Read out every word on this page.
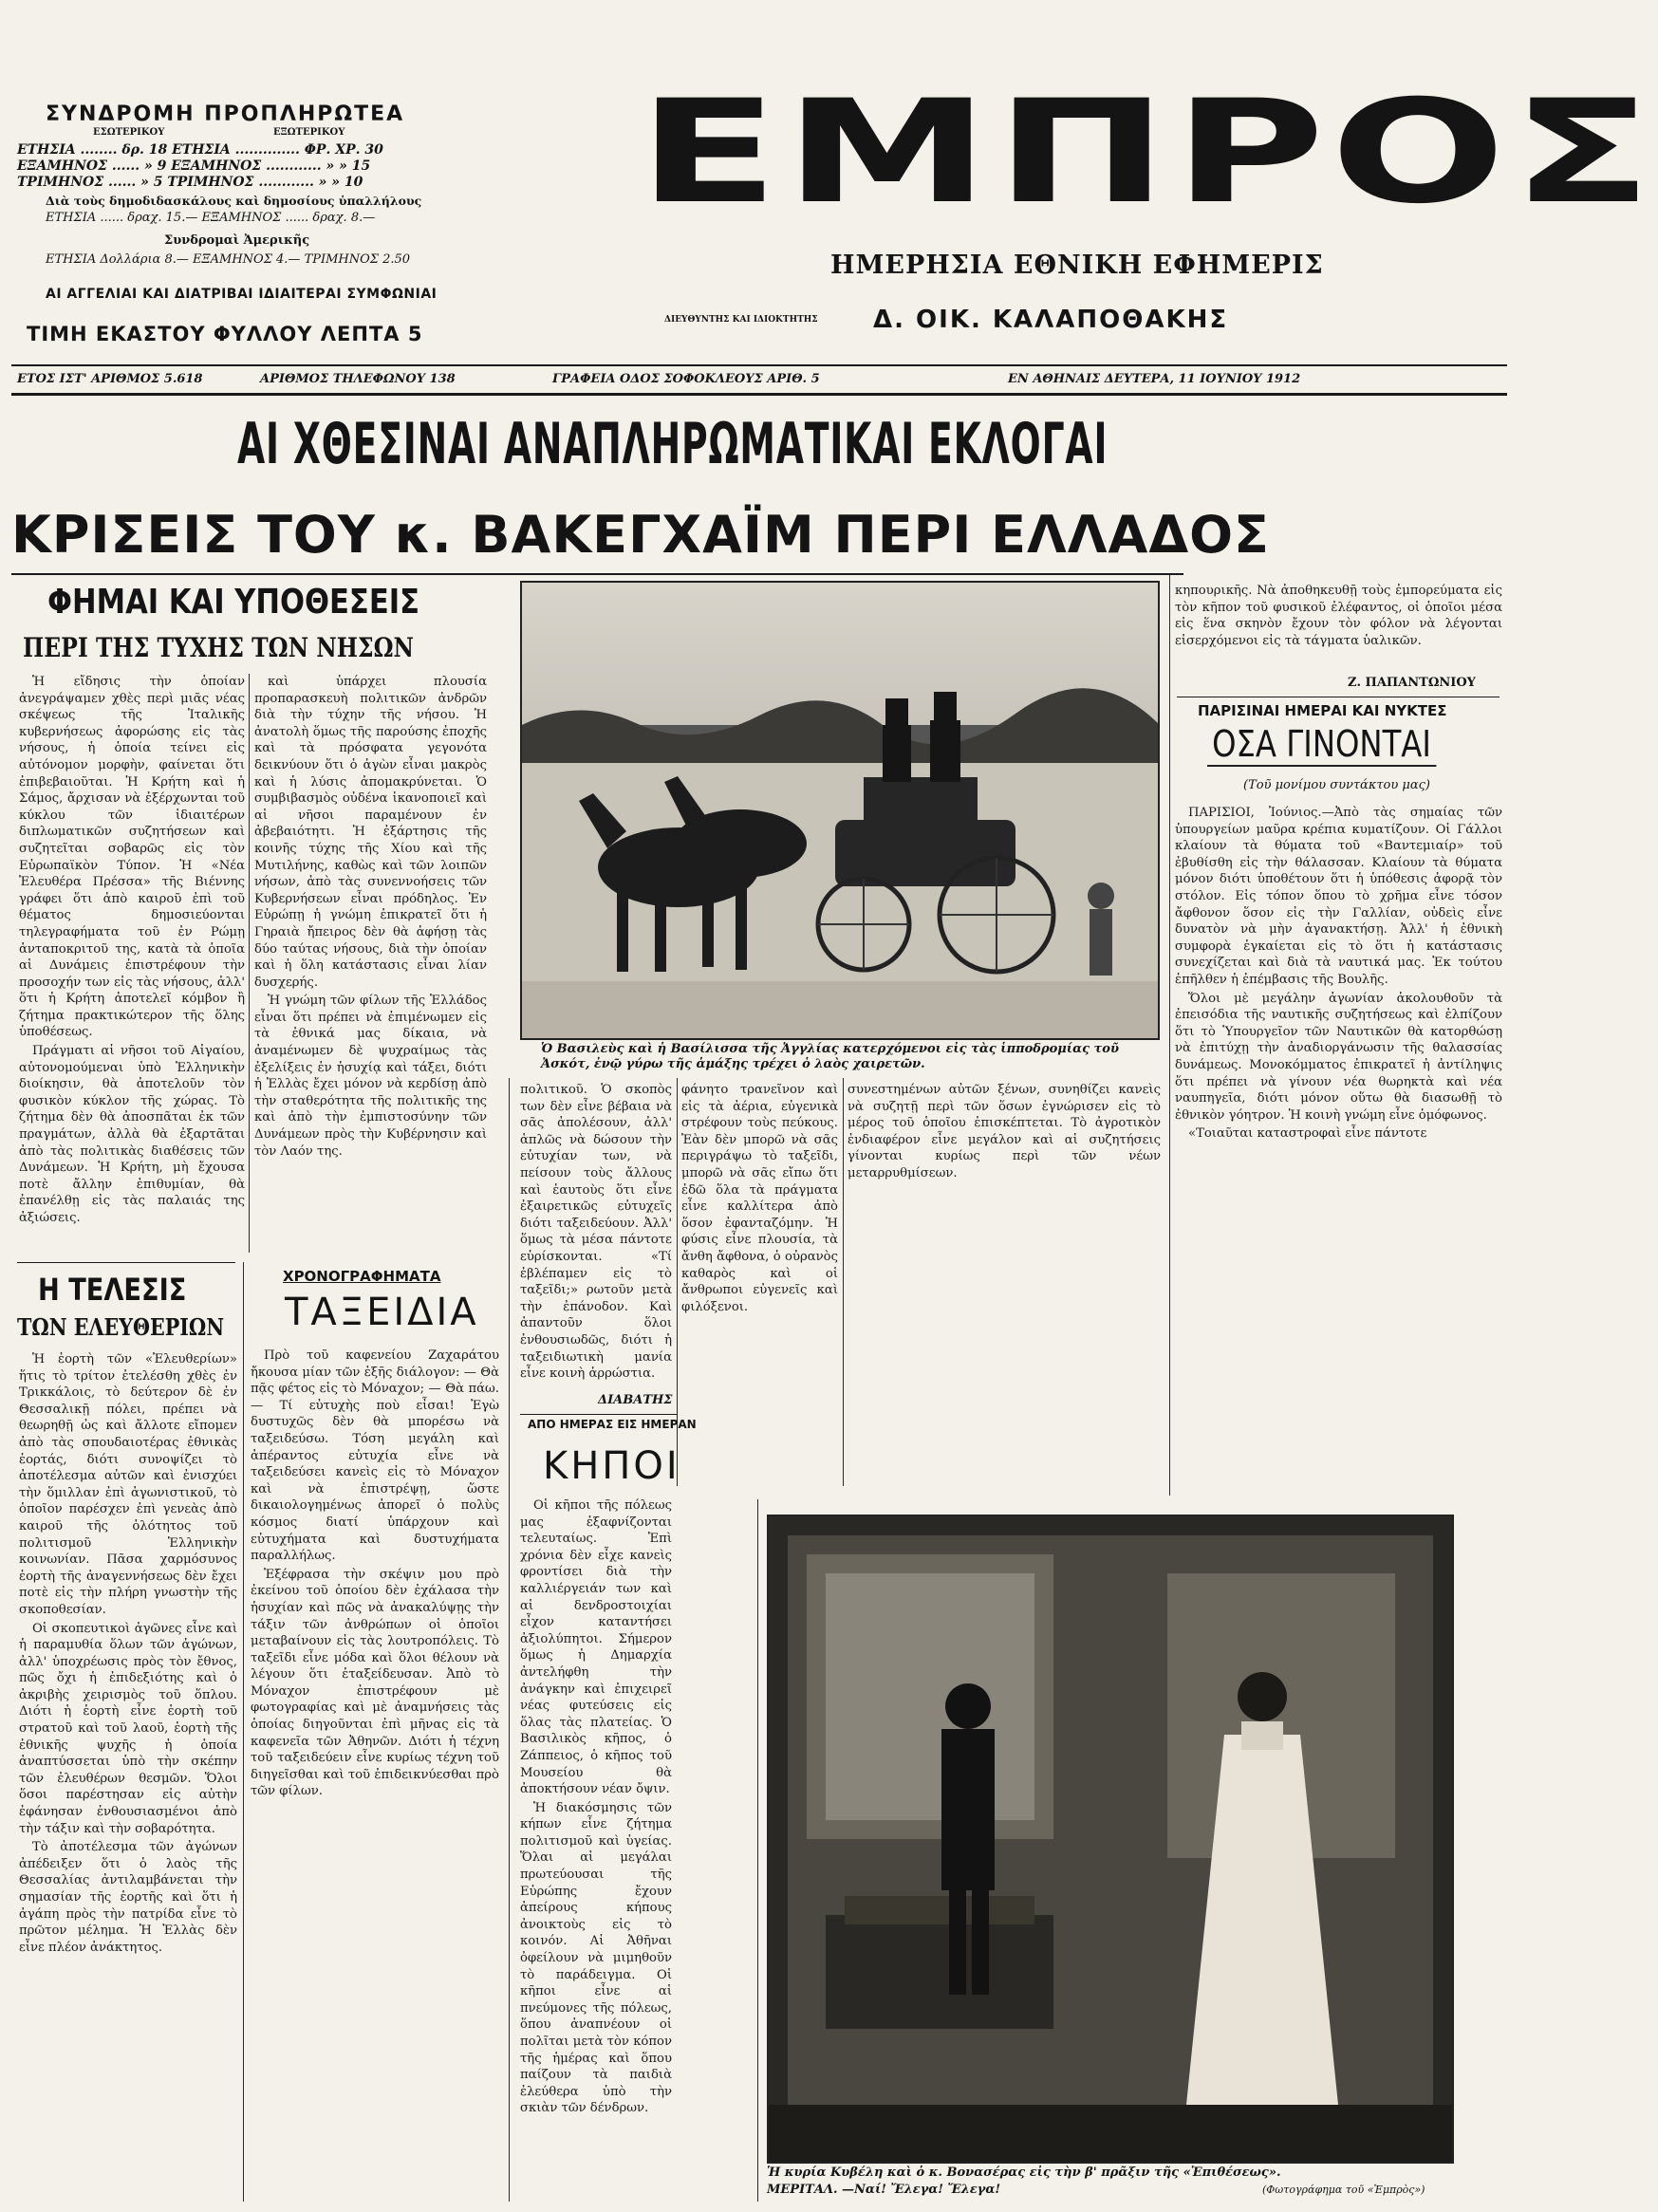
ΣΥΝΔΡΟΜΗ ΠΡΟΠΛΗΡΩΤΕΑ
ΕΣΩΤΕΡΙΚΟΥ	ΕΞΩΤΕΡΙΚΟΥ
ΕΤΗΣΙΑ ........ δρ. 18 ΕΤΗΣΙΑ .............. ΦΡ. ΧΡ. 30
ΕΞΑΜΗΝΟΣ ...... » 9 ΕΞΑΜΗΝΟΣ ............ » » 15
ΤΡΙΜΗΝΟΣ ...... » 5 ΤΡΙΜΗΝΟΣ ............ » » 10
Διὰ τοὺς δημοδιδασκάλους καὶ δημοσίους ὑπαλλήλους
ΕΤΗΣΙΑ ...... δραχ. 15.— ΕΞΑΜΗΝΟΣ ...... δραχ. 8.—
Συνδρομαὶ Ἀμερικῆς
ΕΤΗΣΙΑ Δολλάρια 8.— ΕΞΑΜΗΝΟΣ 4.— ΤΡΙΜΗΝΟΣ 2.50
ΑΙ ΑΓΓΕΛΙΑΙ ΚΑΙ ΔΙΑΤΡΙΒΑΙ ΙΔΙΑΙΤΕΡΑΙ ΣΥΜΦΩΝΙΑΙ
ΤΙΜΗ ΕΚΑΣΤΟΥ ΦΥΛΛΟΥ ΛΕΠΤΑ 5
ΕΜΠΡΟΣ
ΗΜΕΡΗΣΙΑ ΕΘΝΙΚΗ ΕΦΗΜΕΡΙΣ
ΔΙΕΥΘΥΝΤΗΣ ΚΑΙ ΙΔΙΟΚΤΗΤΗΣ Δ. ΟΙΚ. ΚΑΛΑΠΟΘΑΚΗΣ
ΕΤΟΣ ΙΣΤ' ΑΡΙΘΜΟΣ 5.618	ΑΡΙΘΜΟΣ ΤΗΛΕΦΩΝΟΥ 138	ΓΡΑΦΕΙΑ ΟΔΟΣ ΣΟΦΟΚΛΕΟΥΣ ΑΡΙΘ. 5	ΕΝ ΑΘΗΝΑΙΣ ΔΕΥΤΕΡΑ, 11 ΙΟΥΝΙΟΥ 1912
ΑΙ ΧΘΕΣΙΝΑΙ ΑΝΑΠΛΗΡΩΜΑΤΙΚΑΙ ΕΚΛΟΓΑΙ
ΚΡΙΣΕΙΣ ΤΟΥ κ. ΒΑΚΕΓΧΑΪΜ ΠΕΡΙ ΕΛΛΑΔΟΣ
ΦΗΜΑΙ ΚΑΙ ΥΠΟΘΕΣΕΙΣ
ΠΕΡΙ ΤΗΣ ΤΥΧΗΣ ΤΩΝ ΝΗΣΩΝ

Ἡ εἴδησις τὴν ὁποίαν ἀνεγράψαμεν χθὲς περὶ μιᾶς νέας σκέψεως τῆς Ἰταλικῆς κυβερνήσεως ἀφορώσης εἰς τὰς νήσους, ἡ ὁποία τείνει εἰς αὐτόνομον μορφὴν, φαίνεται ὅτι ἐπιβεβαιοῦται. Ἡ Κρήτη καὶ ἡ Σάμος, ἄρχισαν νὰ ἐξέρχωνται τοῦ κύκλου τῶν ἰδιαιτέρων διπλωματικῶν συζητήσεων καὶ συζητεῖται σοβαρῶς εἰς τὸν Εὐρωπαϊκὸν Τύπον. Ἡ «Νέα Ἐλευθέρα Πρέσσα» τῆς Βιέννης γράφει ὅτι ἀπὸ καιροῦ ἐπὶ τοῦ θέματος δημοσιεύονται τηλεγραφήματα τοῦ ἐν Ρώμῃ ἀνταποκριτοῦ της, κατὰ τὰ ὁποῖα αἱ Δυνάμεις ἐπιστρέφουν τὴν προσοχήν των εἰς τὰς νήσους, ἀλλ' ὅτι ἡ Κρήτη ἀποτελεῖ κόμβον ἢ ζήτημα πρακτικώτερον τῆς ὅλης ὑποθέσεως.

Πράγματι αἱ νῆσοι τοῦ Αἰγαίου, αὐτονομούμεναι ὑπὸ Ἑλληνικὴν διοίκησιν, θὰ ἀποτελοῦν τὸν φυσικὸν κύκλον τῆς χώρας. Τὸ ζήτημα δὲν θὰ ἀποσπᾶται ἐκ τῶν πραγμάτων, ἀλλὰ θὰ ἐξαρτᾶται ἀπὸ τὰς πολιτικὰς διαθέσεις τῶν Δυνάμεων. Ἡ Κρήτη, μὴ ἔχουσα ποτὲ ἄλλην ἐπιθυμίαν, θὰ ἐπανέλθῃ εἰς τὰς παλαιάς της ἀξιώσεις.

καὶ ὑπάρχει πλουσία προπαρασκευὴ πολιτικῶν ἀνδρῶν διὰ τὴν τύχην τῆς νήσου. Ἡ ἀνατολὴ ὅμως τῆς παρούσης ἐποχῆς καὶ τὰ πρόσφατα γεγονότα δεικνύουν ὅτι ὁ ἀγὼν εἶναι μακρὸς καὶ ἡ λύσις ἀπομακρύνεται. Ὁ συμβιβασμὸς οὐδένα ἱκανοποιεῖ καὶ αἱ νῆσοι παραμένουν ἐν ἀβεβαιότητι. Ἡ ἐξάρτησις τῆς κοινῆς τύχης τῆς Χίου καὶ τῆς Μυτιλήνης, καθὼς καὶ τῶν λοιπῶν νήσων, ἀπὸ τὰς συνεννοήσεις τῶν Κυβερνήσεων εἶναι πρόδηλος. Ἐν Εὐρώπῃ ἡ γνώμη ἐπικρατεῖ ὅτι ἡ Γηραιὰ ἤπειρος δὲν θὰ ἀφήσῃ τὰς δύο ταύτας νήσους, διὰ τὴν ὁποίαν καὶ ἡ ὅλη κατάστασις εἶναι λίαν δυσχερής.

Ἡ γνώμη τῶν φίλων τῆς Ἑλλάδος εἶναι ὅτι πρέπει νὰ ἐπιμένωμεν εἰς τὰ ἐθνικά μας δίκαια, νὰ ἀναμένωμεν δὲ ψυχραίμως τὰς ἐξελίξεις ἐν ἡσυχίᾳ καὶ τάξει, διότι ἡ Ἑλλὰς ἔχει μόνον νὰ κερδίσῃ ἀπὸ τὴν σταθερότητα τῆς πολιτικῆς της καὶ ἀπὸ τὴν ἐμπιστοσύνην τῶν Δυνάμεων πρὸς τὴν Κυβέρνησιν καὶ τὸν Λαόν της.

Ὁ Βασιλεὺς καὶ ἡ Βασίλισσα τῆς Ἀγγλίας κατερχόμενοι εἰς τὰς ἱπποδρομίας τοῦ Ἀσκότ, ἐνῷ γύρω τῆς ἁμάξης τρέχει ὁ λαὸς χαιρετῶν.
κηπουρικῆς. Νὰ ἀποθηκευθῇ τοὺς ἐμπορεύματα εἰς τὸν κῆπον τοῦ φυσικοῦ ἐλέφαντος, οἱ ὁποῖοι μέσα εἰς ἕνα σκηνὸν ἔχουν τὸν φόλον νὰ λέγονται εἰσερχόμενοι εἰς τὰ τάγματα ὑαλικῶν.
Ζ. ΠΑΠΑΝΤΩΝΙΟΥ
ΠΑΡΙΣΙΝΑΙ ΗΜΕΡΑΙ ΚΑΙ ΝΥΚΤΕΣ
ΟΣΑ ΓΙΝΟΝΤΑΙ
(Τοῦ μονίμου συντάκτου μας)

ΠΑΡΙΣΙΟΙ, Ἰούνιος.—Ἀπὸ τὰς σημαίας τῶν ὑπουργείων μαῦρα κρέπια κυματίζουν. Οἱ Γάλλοι κλαίουν τὰ θύματα τοῦ «Βαντεμιαίρ» τοῦ ἐβυθίσθη εἰς τὴν θάλασσαν. Κλαίουν τὰ θύματα μόνον διότι ὑποθέτουν ὅτι ἡ ὑπόθεσις ἀφορᾷ τὸν στόλον. Εἰς τόπον ὅπου τὸ χρῆμα εἶνε τόσον ἄφθονον ὅσον εἰς τὴν Γαλλίαν, οὐδεὶς εἶνε δυνατὸν νὰ μὴν ἀγανακτήσῃ. Ἀλλ' ἡ ἐθνικὴ συμφορὰ ἐγκαίεται εἰς τὸ ὅτι ἡ κατάστασις συνεχίζεται καὶ διὰ τὰ ναυτικά μας. Ἐκ τούτου ἐπῆλθεν ἡ ἐπέμβασις τῆς Βουλῆς.

Ὅλοι μὲ μεγάλην ἀγωνίαν ἀκολουθοῦν τὰ ἐπεισόδια τῆς ναυτικῆς συζητήσεως καὶ ἐλπίζουν ὅτι τὸ Ὑπουργεῖον τῶν Ναυτικῶν θὰ κατορθώσῃ νὰ ἐπιτύχῃ τὴν ἀναδιοργάνωσιν τῆς θαλασσίας δυνάμεως. Μονοκόμματος ἐπικρατεῖ ἡ ἀντίληψις ὅτι πρέπει νὰ γίνουν νέα θωρηκτὰ καὶ νέα ναυπηγεῖα, διότι μόνον οὕτω θὰ διασωθῇ τὸ ἐθνικὸν γόητρον. Ἡ κοινὴ γνώμη εἶνε ὁμόφωνος.

«Τοιαῦται καταστροφαὶ εἶνε πάντοτε

πολιτικοῦ. Ὁ σκοπὸς των δὲν εἶνε βέβαια νὰ σᾶς ἀπολέσουν, ἀλλ' ἁπλῶς νὰ δώσουν τὴν εὐτυχίαν των, νὰ πείσουν τοὺς ἄλλους καὶ ἑαυτοὺς ὅτι εἶνε ἐξαιρετικῶς εὐτυχεῖς διότι ταξειδεύουν. Ἀλλ' ὅμως τὰ μέσα πάντοτε εὑρίσκονται. «Τί ἐβλέπαμεν εἰς τὸ ταξεῖδι;» ρωτοῦν μετὰ τὴν ἐπάνοδον. Καὶ ἀπαντοῦν ὅλοι ἐνθουσιωδῶς, διότι ἡ ταξειδιωτικὴ μανία εἶνε κοινὴ ἀρρώστια.
φάνητο τρανεῖνον καὶ εἰς τὰ ἀέρια, εὐγενικὰ στρέφουν τοὺς πεύκους. Ἐὰν δὲν μπορῶ νὰ σᾶς περιγράψω τὸ ταξεῖδι, μπορῶ νὰ σᾶς εἴπω ὅτι ἐδῶ ὅλα τὰ πράγματα εἶνε καλλίτερα ἀπὸ ὅσον ἐφανταζόμην. Ἡ φύσις εἶνε πλουσία, τὰ ἄνθη ἄφθονα, ὁ οὐρανὸς καθαρὸς καὶ οἱ ἄνθρωποι εὐγενεῖς καὶ φιλόξενοι.
συνεστημένων αὐτῶν ξένων, συνηθίζει κανεὶς νὰ συζητῇ περὶ τῶν ὅσων ἐγνώρισεν εἰς τὸ μέρος τοῦ ὁποῖου ἐπισκέπτεται. Τὸ ἀγροτικὸν ἐνδιαφέρον εἶνε μεγάλον καὶ αἱ συζητήσεις γίνονται κυρίως περὶ τῶν νέων μεταρρυθμίσεων.
ΔΙΑΒΑΤΗΣ
ΑΠΟ ΗΜΕΡΑΣ ΕΙΣ ΗΜΕΡΑΝ
ΚΗΠΟΙ

Οἱ κῆποι τῆς πόλεως μας ἐξαφνίζονται τελευταίως. Ἐπὶ χρόνια δὲν εἶχε κανεὶς φροντίσει διὰ τὴν καλλιέργειάν των καὶ αἱ δενδροστοιχίαι εἶχον καταντήσει ἀξιολύπητοι. Σήμερον ὅμως ἡ Δημαρχία ἀντελήφθη τὴν ἀνάγκην καὶ ἐπιχειρεῖ νέας φυτεύσεις εἰς ὅλας τὰς πλατείας. Ὁ Βασιλικὸς κῆπος, ὁ Ζάππειος, ὁ κῆπος τοῦ Μουσείου θὰ ἀποκτήσουν νέαν ὄψιν.

Ἡ διακόσμησις τῶν κήπων εἶνε ζήτημα πολιτισμοῦ καὶ ὑγείας. Ὅλαι αἱ μεγάλαι πρωτεύουσαι τῆς Εὐρώπης ἔχουν ἀπείρους κήπους ἀνοικτοὺς εἰς τὸ κοινόν. Αἱ Ἀθῆναι ὀφείλουν νὰ μιμηθοῦν τὸ παράδειγμα. Οἱ κῆποι εἶνε αἱ πνεύμονες τῆς πόλεως, ὅπου ἀναπνέουν οἱ πολῖται μετὰ τὸν κόπον τῆς ἡμέρας καὶ ὅπου παίζουν τὰ παιδιὰ ἐλεύθερα ὑπὸ τὴν σκιὰν τῶν δένδρων.

Ἡ κυρία Κυβέλη καὶ ὁ κ. Βονασέρας εἰς τὴν β' πρᾶξιν τῆς «Ἐπιθέσεως».
ΜΕΡΙΤΑΛ. —Ναί! Ἔλεγα! Ἔλεγα!	(Φωτογράφημα τοῦ «Ἐμπρὸς»)
Η ΤΕΛΕΣΙΣ
ΤΩΝ ΕΛΕΥΘΕΡΙΩΝ

Ἡ ἑορτὴ τῶν «Ἐλευθερίων» ἥτις τὸ τρίτον ἐτελέσθη χθὲς ἐν Τρικκάλοις, τὸ δεύτερον δὲ ἐν Θεσσαλικῇ πόλει, πρέπει νὰ θεωρηθῇ ὡς καὶ ἄλλοτε εἴπομεν ἀπὸ τὰς σπουδαιοτέρας ἐθνικὰς ἑορτάς, διότι συνοψίζει τὸ ἀποτέλεσμα αὐτῶν καὶ ἐνισχύει τὴν ὅμιλλαν ἐπὶ ἀγωνιστικοῦ, τὸ ὁποῖον παρέσχεν ἐπὶ γενεὰς ἀπὸ καιροῦ τῆς ὁλότητος τοῦ πολιτισμοῦ Ἑλληνικὴν κοινωνίαν. Πᾶσα χαρμόσυνος ἑορτὴ τῆς ἀναγεννήσεως δὲν ἔχει ποτὲ εἰς τὴν πλήρη γνωστὴν τῆς σκοποθεσίαν.

Οἱ σκοπευτικοὶ ἀγῶνες εἶνε καὶ ἡ παραμυθία ὅλων τῶν ἀγώνων, ἀλλ' ὑποχρέωσις πρὸς τὸν ἔθνος, πῶς ὄχι ἡ ἐπιδεξιότης καὶ ὁ ἀκριβὴς χειρισμὸς τοῦ ὅπλου. Διότι ἡ ἑορτὴ εἶνε ἑορτὴ τοῦ στρατοῦ καὶ τοῦ λαοῦ, ἑορτὴ τῆς ἐθνικῆς ψυχῆς ἡ ὁποία ἀναπτύσσεται ὑπὸ τὴν σκέπην τῶν ἐλευθέρων θεσμῶν. Ὅλοι ὅσοι παρέστησαν εἰς αὐτὴν ἐφάνησαν ἐνθουσιασμένοι ἀπὸ τὴν τάξιν καὶ τὴν σοβαρότητα.

Τὸ ἀποτέλεσμα τῶν ἀγώνων ἀπέδειξεν ὅτι ὁ λαὸς τῆς Θεσσαλίας ἀντιλαμβάνεται τὴν σημασίαν τῆς ἑορτῆς καὶ ὅτι ἡ ἀγάπη πρὸς τὴν πατρίδα εἶνε τὸ πρῶτον μέλημα. Ἡ Ἑλλὰς δὲν εἶνε πλέον ἀνάκτητος.

ΧΡΟΝΟΓΡΑΦΗΜΑΤΑ
ΤΑΞΕΙΔΙΑ

Πρὸ τοῦ καφενείου Ζαχαράτου ἤκουσα μίαν τῶν ἐξῆς διάλογον: — Θὰ πᾷς φέτος εἰς τὸ Μόναχον; — Θὰ πάω. — Τί εὐτυχὴς ποὺ εἶσαι! Ἐγὼ δυστυχῶς δὲν θὰ μπορέσω νὰ ταξειδεύσω. Τόση μεγάλη καὶ ἀπέραντος εὐτυχία εἶνε νὰ ταξειδεύσει κανεὶς εἰς τὸ Μόναχον καὶ νὰ ἐπιστρέψῃ, ὥστε δικαιολογημένως ἀπορεῖ ὁ πολὺς κόσμος διατί ὑπάρχουν καὶ εὐτυχήματα καὶ δυστυχήματα παραλλήλως.

Ἐξέφρασα τὴν σκέψιν μου πρὸ ἐκείνου τοῦ ὁποίου δὲν ἐχάλασα τὴν ἡσυχίαν καὶ πῶς νὰ ἀνακαλύψῃς τὴν τάξιν τῶν ἀνθρώπων οἱ ὁποῖοι μεταβαίνουν εἰς τὰς λουτροπόλεις. Τὸ ταξεῖδι εἶνε μόδα καὶ ὅλοι θέλουν νὰ λέγουν ὅτι ἐταξείδευσαν. Ἀπὸ τὸ Μόναχον ἐπιστρέφουν μὲ φωτογραφίας καὶ μὲ ἀναμνήσεις τὰς ὁποίας διηγοῦνται ἐπὶ μῆνας εἰς τὰ καφενεῖα τῶν Ἀθηνῶν. Διότι ἡ τέχνη τοῦ ταξειδεύειν εἶνε κυρίως τέχνη τοῦ διηγεῖσθαι καὶ τοῦ ἐπιδεικνύεσθαι πρὸ τῶν φίλων.
